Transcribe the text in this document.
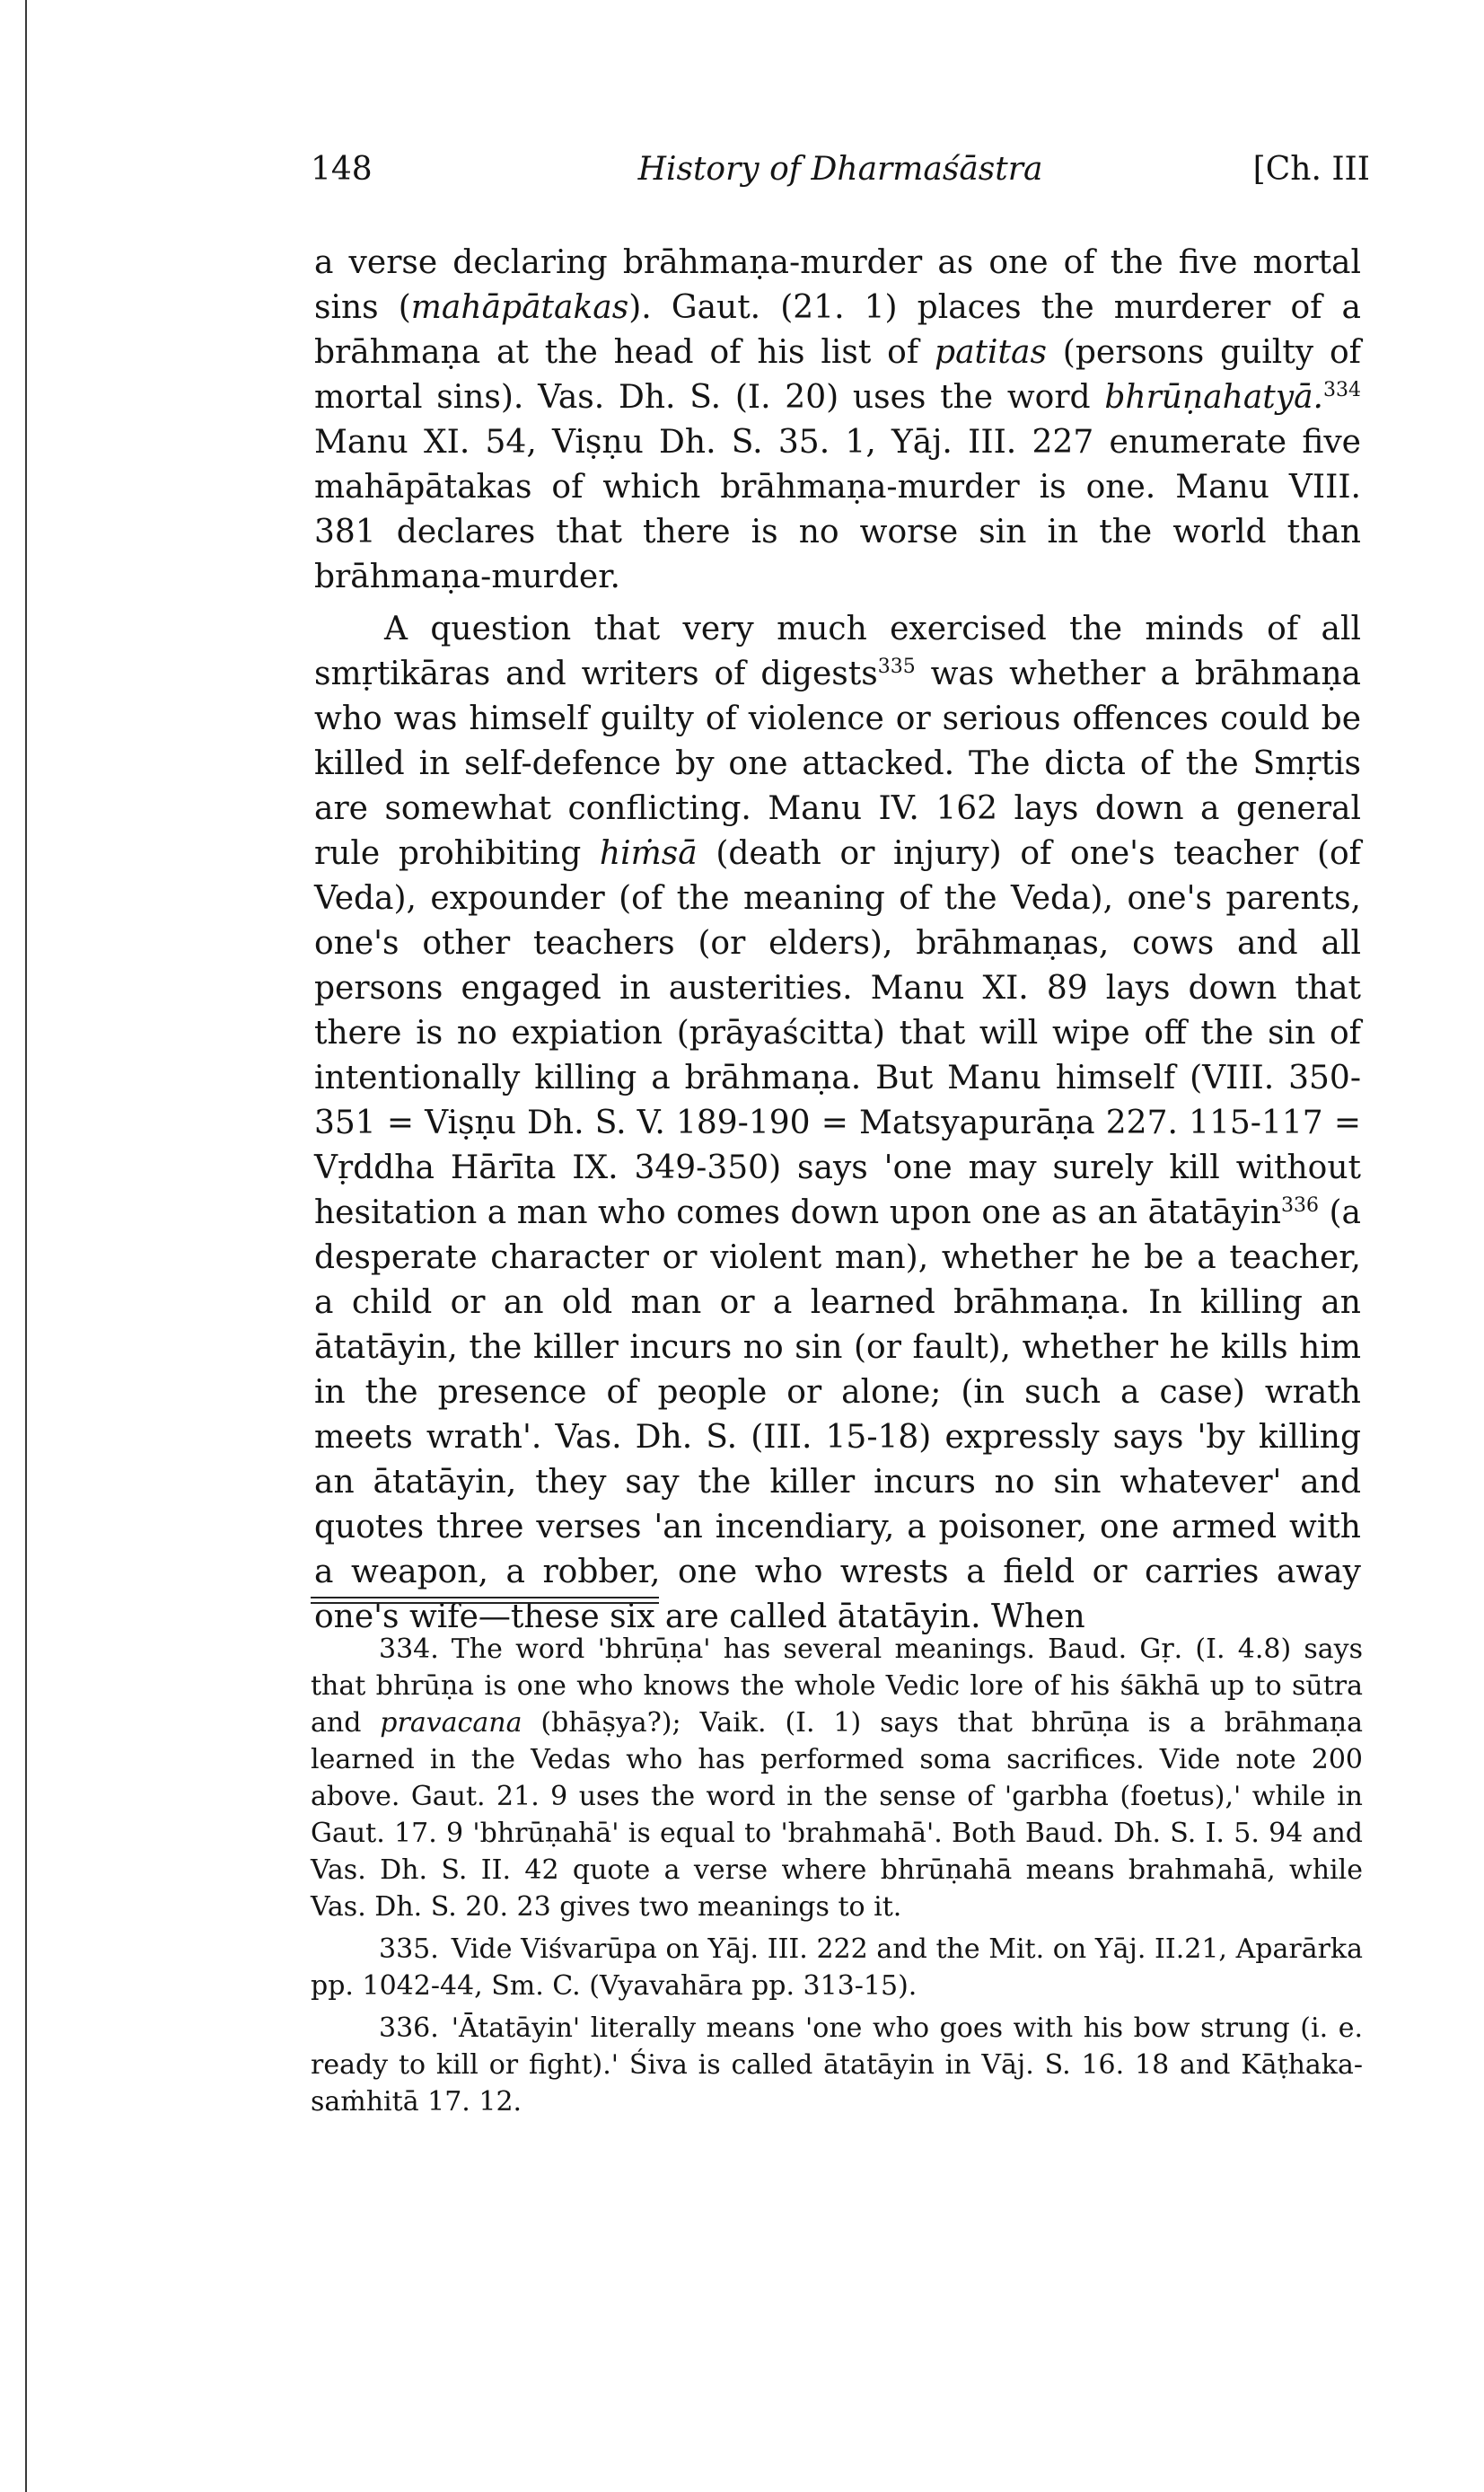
148	History of Dharmaśāstra	[Ch. III

a verse declaring brāhmaṇa-murder as one of the five mortal sins (mahāpātakas). Gaut. (21. 1) places the murderer of a brāhmaṇa at the head of his list of patitas (persons guilty of mortal sins). Vas. Dh. S. (I. 20) uses the word bhrūṇahatyā.$^{334}$ Manu XI. 54, Viṣṇu Dh. S. 35. 1, Yāj. III. 227 enumerate five mahāpātakas of which brāhmaṇa-murder is one. Manu VIII. 381 declares that there is no worse sin in the world than brāhmaṇa-murder.

A question that very much exercised the minds of all smṛtikāras and writers of digests$^{335}$ was whether a brāhmaṇa who was himself guilty of violence or serious offences could be killed in self-defence by one attacked. The dicta of the Smṛtis are somewhat conflicting. Manu IV. 162 lays down a general rule prohibiting hiṁsā (death or injury) of one's teacher (of Veda), expounder (of the meaning of the Veda), one's parents, one's other teachers (or elders), brāhmaṇas, cows and all persons engaged in austerities. Manu XI. 89 lays down that there is no expiation (prāyaścitta) that will wipe off the sin of intentionally killing a brāhmaṇa. But Manu himself (VIII. 350-351 = Viṣṇu Dh. S. V. 189-190 = Matsyapurāṇa 227. 115-117 = Vṛddha Hārīta IX. 349-350) says 'one may surely kill without hesitation a man who comes down upon one as an ātatāyin$^{336}$ (a desperate character or violent man), whether he be a teacher, a child or an old man or a learned brāhmaṇa. In killing an ātatāyin, the killer incurs no sin (or fault), whether he kills him in the presence of people or alone; (in such a case) wrath meets wrath'. Vas. Dh. S. (III. 15-18) expressly says 'by killing an ātatāyin, they say the killer incurs no sin whatever' and quotes three verses 'an incendiary, a poisoner, one armed with a weapon, a robber, one who wrests a field or carries away one's wife—these six are called ātatāyin. When

334. The word 'bhrūṇa' has several meanings. Baud. Gṛ. (I. 4.8) says that bhrūṇa is one who knows the whole Vedic lore of his śākhā up to sūtra and pravacana (bhāṣya?); Vaik. (I. 1) says that bhrūṇa is a brāhmaṇa learned in the Vedas who has performed soma sacrifices. Vide note 200 above. Gaut. 21. 9 uses the word in the sense of 'garbha (foetus),' while in Gaut. 17. 9 'bhrūṇahā' is equal to 'brahmahā'. Both Baud. Dh. S. I. 5. 94 and Vas. Dh. S. II. 42 quote a verse where bhrūṇahā means brahmahā, while Vas. Dh. S. 20. 23 gives two meanings to it.

335. Vide Viśvarūpa on Yāj. III. 222 and the Mit. on Yāj. II.21, Aparārka pp. 1042-44, Sm. C. (Vyavahāra pp. 313-15).

336. 'Ātatāyin' literally means 'one who goes with his bow strung (i. e. ready to kill or fight).' Śiva is called ātatāyin in Vāj. S. 16. 18 and Kāṭhaka-saṁhitā 17. 12.
